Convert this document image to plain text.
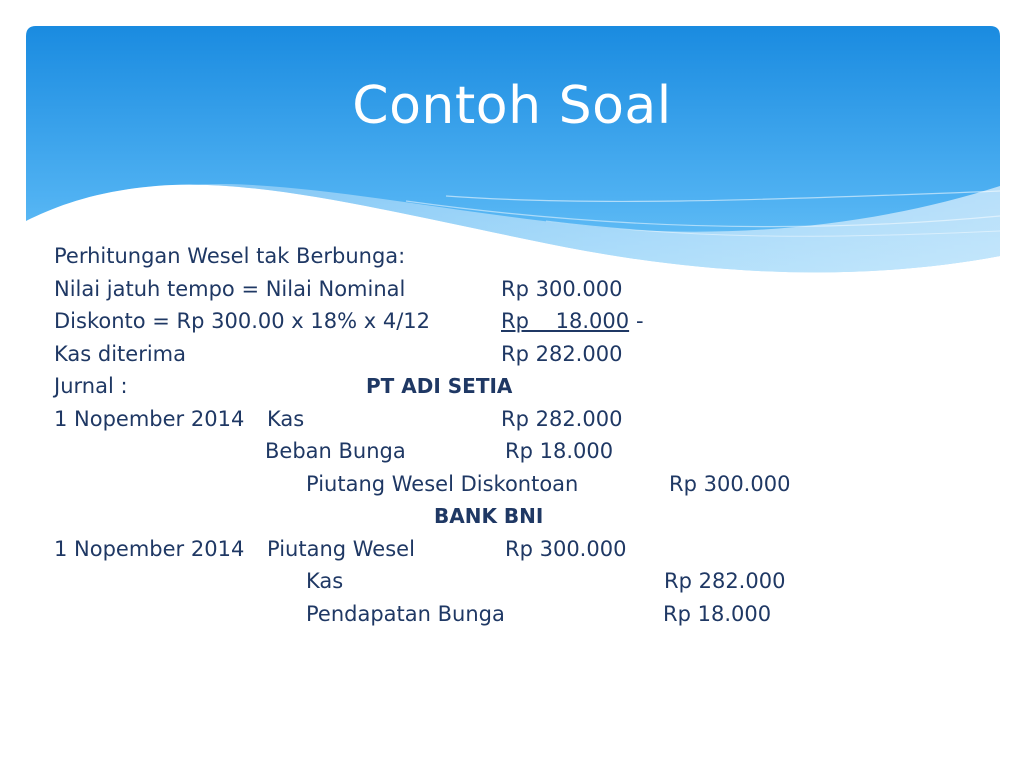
Contoh Soal
Perhitungan Wesel tak Berbunga:
Nilai jatuh tempo = Nilai Nominal	Rp 300.000
Diskonto = Rp 300.00 x 18% x 4/12	Rp    18.000 -
Kas diterima	Rp 282.000
Jurnal :	PT ADI SETIA
1 Nopember 2014 Kas	Rp 282.000
Beban Bunga	Rp 18.000
Piutang Wesel Diskontoan	Rp 300.000
BANK BNI
1 Nopember 2014 Piutang Wesel	Rp 300.000
Kas	Rp 282.000
Pendapatan Bunga	Rp 18.000
